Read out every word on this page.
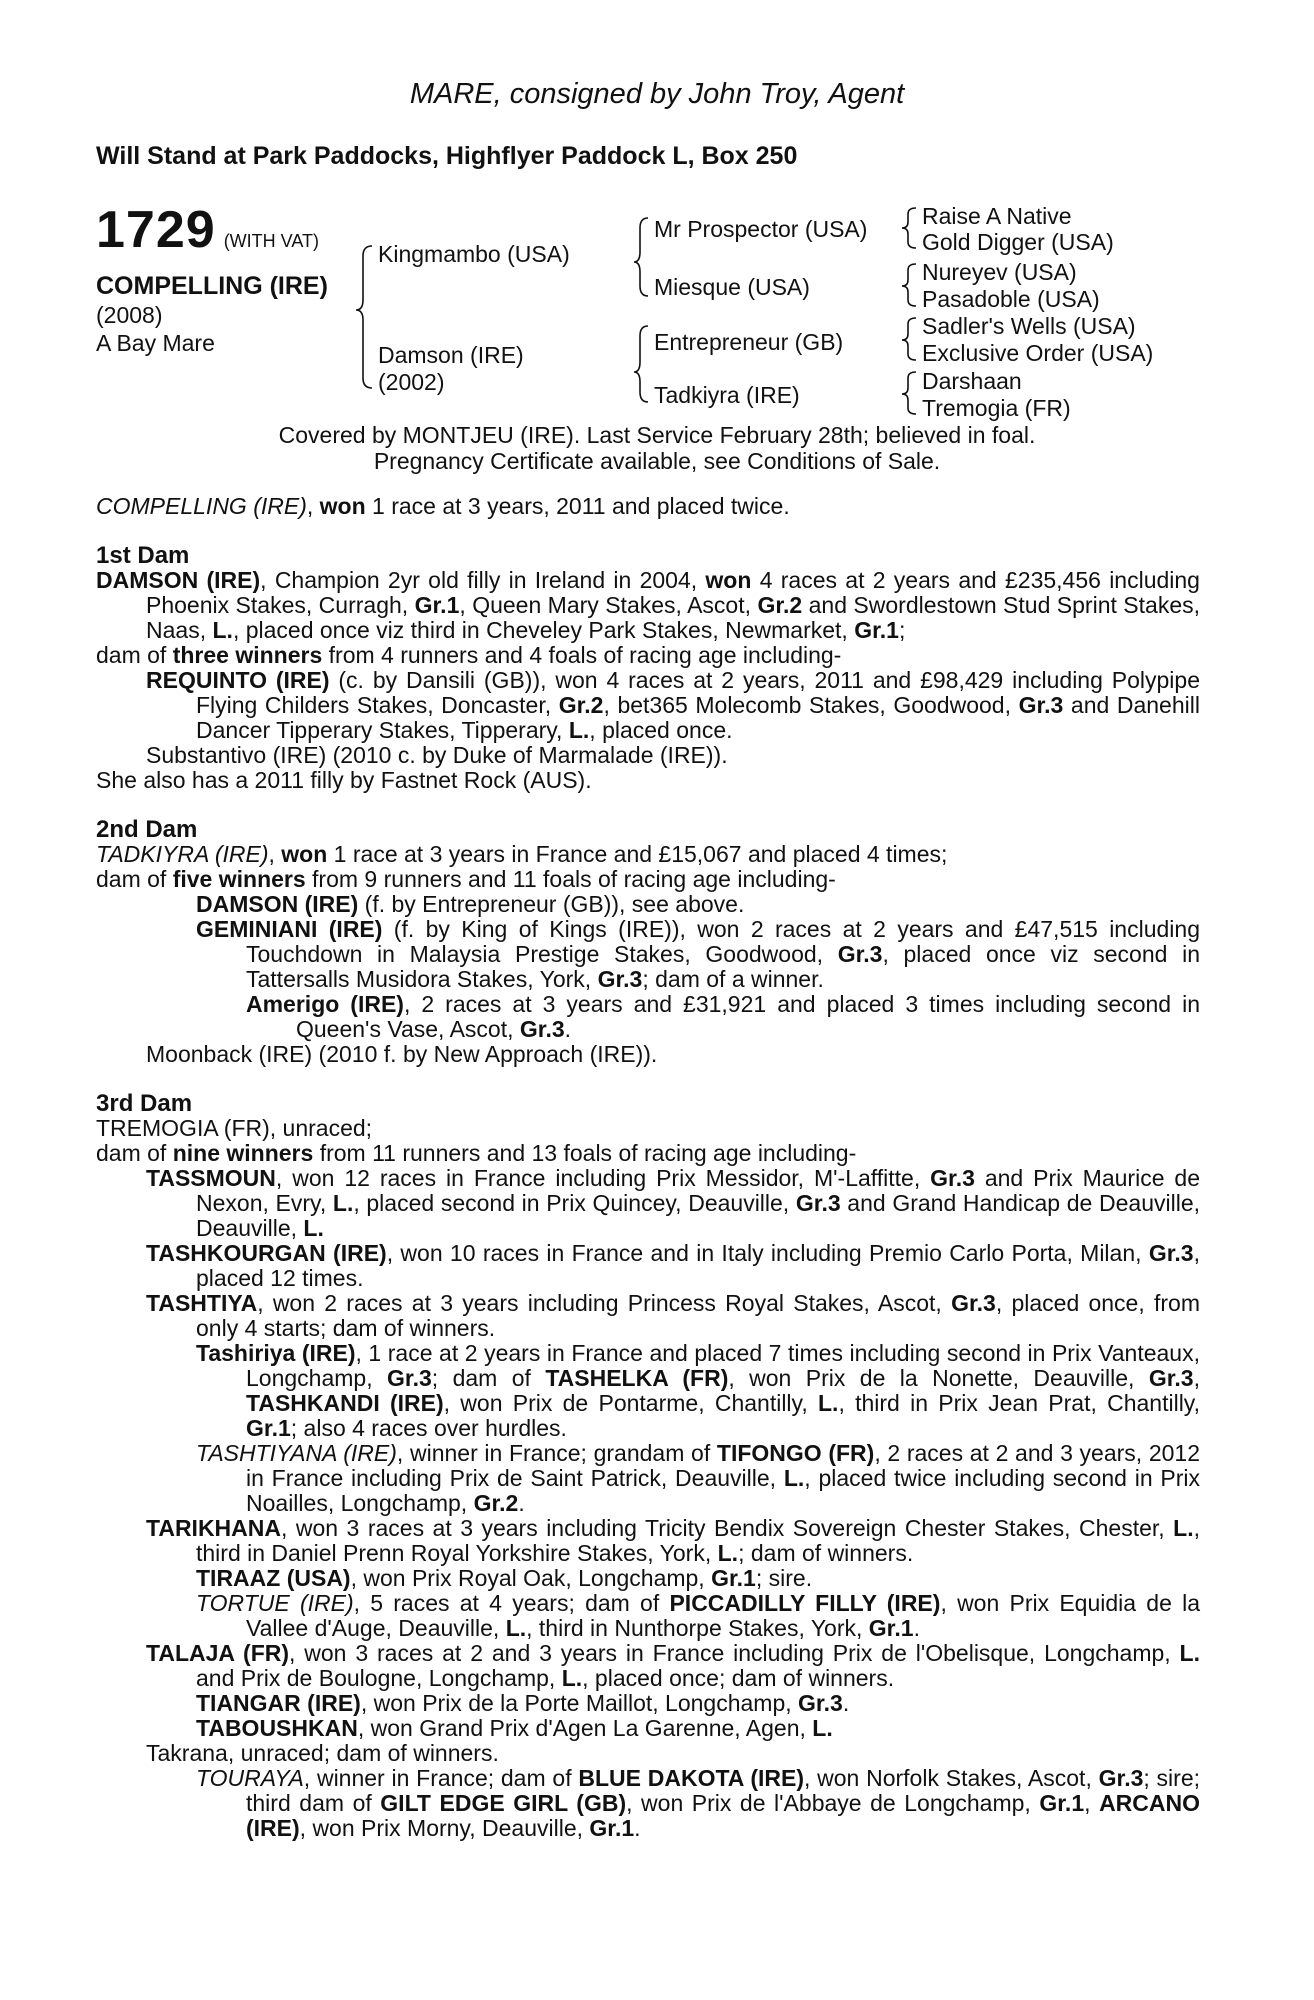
MARE, consigned by John Troy, Agent
Will Stand at Park Paddocks, Highflyer Paddock L, Box 250
1729 (WITH VAT)
COMPELLING (IRE)
(2008)
A Bay Mare
Kingmambo (USA)
Damson (IRE)
(2002)
Mr Prospector (USA)
Miesque (USA)
Entrepreneur (GB)
Tadkiyra (IRE)
Raise A Native
Gold Digger (USA)
Nureyev (USA)
Pasadoble (USA)
Sadler's Wells (USA)
Exclusive Order (USA)
Darshaan
Tremogia (FR)
Covered by MONTJEU (IRE). Last Service February 28th; believed in foal.
Pregnancy Certificate available, see Conditions of Sale.

COMPELLING (IRE), won 1 race at 3 years, 2011 and placed twice.

1st Dam

DAMSON (IRE), Champion 2yr old filly in Ireland in 2004, won 4 races at 2 years and £235,456 including Phoenix Stakes, Curragh, Gr.1, Queen Mary Stakes, Ascot, Gr.2 and Swordlestown Stud Sprint Stakes, Naas, L., placed once viz third in Cheveley Park Stakes, Newmarket, Gr.1;

dam of three winners from 4 runners and 4 foals of racing age including-

REQUINTO (IRE) (c. by Dansili (GB)), won 4 races at 2 years, 2011 and £98,429 including Polypipe Flying Childers Stakes, Doncaster, Gr.2, bet365 Molecomb Stakes, Goodwood, Gr.3 and Danehill Dancer Tipperary Stakes, Tipperary, L., placed once.

Substantivo (IRE) (2010 c. by Duke of Marmalade (IRE)).

She also has a 2011 filly by Fastnet Rock (AUS).

2nd Dam

TADKIYRA (IRE), won 1 race at 3 years in France and £15,067 and placed 4 times;

dam of five winners from 9 runners and 11 foals of racing age including-

DAMSON (IRE) (f. by Entrepreneur (GB)), see above.

GEMINIANI (IRE) (f. by King of Kings (IRE)), won 2 races at 2 years and £47,515 including Touchdown in Malaysia Prestige Stakes, Goodwood, Gr.3, placed once viz second in Tattersalls Musidora Stakes, York, Gr.3; dam of a winner.

Amerigo (IRE), 2 races at 3 years and £31,921 and placed 3 times including second in Queen's Vase, Ascot, Gr.3.

Moonback (IRE) (2010 f. by New Approach (IRE)).

3rd Dam

TREMOGIA (FR), unraced;

dam of nine winners from 11 runners and 13 foals of racing age including-

TASSMOUN, won 12 races in France including Prix Messidor, M'-Laffitte, Gr.3 and Prix Maurice de Nexon, Evry, L., placed second in Prix Quincey, Deauville, Gr.3 and Grand Handicap de Deauville, Deauville, L.

TASHKOURGAN (IRE), won 10 races in France and in Italy including Premio Carlo Porta, Milan, Gr.3, placed 12 times.

TASHTIYA, won 2 races at 3 years including Princess Royal Stakes, Ascot, Gr.3, placed once, from only 4 starts; dam of winners.

Tashiriya (IRE), 1 race at 2 years in France and placed 7 times including second in Prix Vanteaux, Longchamp, Gr.3; dam of TASHELKA (FR), won Prix de la Nonette, Deauville, Gr.3, TASHKANDI (IRE), won Prix de Pontarme, Chantilly, L., third in Prix Jean Prat, Chantilly, Gr.1; also 4 races over hurdles.

TASHTIYANA (IRE), winner in France; grandam of TIFONGO (FR), 2 races at 2 and 3 years, 2012 in France including Prix de Saint Patrick, Deauville, L., placed twice including second in Prix Noailles, Longchamp, Gr.2.

TARIKHANA, won 3 races at 3 years including Tricity Bendix Sovereign Chester Stakes, Chester, L., third in Daniel Prenn Royal Yorkshire Stakes, York, L.; dam of winners.

TIRAAZ (USA), won Prix Royal Oak, Longchamp, Gr.1; sire.

TORTUE (IRE), 5 races at 4 years; dam of PICCADILLY FILLY (IRE), won Prix Equidia de la Vallee d'Auge, Deauville, L., third in Nunthorpe Stakes, York, Gr.1.

TALAJA (FR), won 3 races at 2 and 3 years in France including Prix de l'Obelisque, Longchamp, L. and Prix de Boulogne, Longchamp, L., placed once; dam of winners.

TIANGAR (IRE), won Prix de la Porte Maillot, Longchamp, Gr.3.

TABOUSHKAN, won Grand Prix d'Agen La Garenne, Agen, L.

Takrana, unraced; dam of winners.

TOURAYA, winner in France; dam of BLUE DAKOTA (IRE), won Norfolk Stakes, Ascot, Gr.3; sire; third dam of GILT EDGE GIRL (GB), won Prix de l'Abbaye de Longchamp, Gr.1, ARCANO (IRE), won Prix Morny, Deauville, Gr.1.
